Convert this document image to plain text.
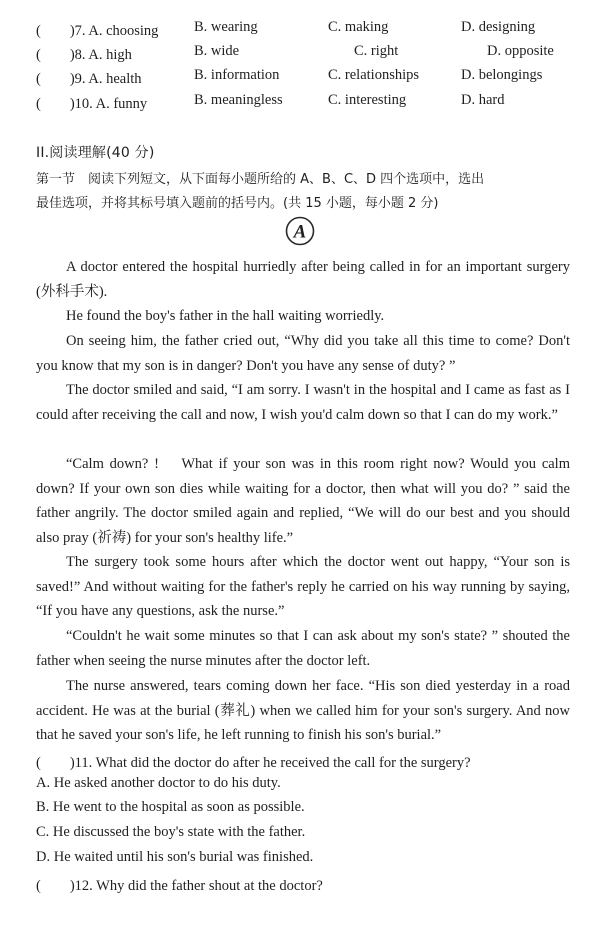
(　　)7. A. choosing B. wearing	C. making	D. designing
(　　)8. A. high	B. wide	C. right	D. opposite
(　　)9. A. health	B. information	C. relationships	D. belongings
(　　)10. A. funny	B. meaningless	C. interesting	D. hard
II.阅读理解(40 分)
第一节　阅读下列短文，从下面每小题所给的 A、B、C、D 四个选项中，选出
最佳选项，并将其标号填入题前的括号内。(共 15 小题，每小题 2 分)
A

A doctor entered the hospital hurriedly after being called in for an important surgery (外科手术).

He found the boy's father in the hall waiting worriedly.

On seeing him, the father cried out, “Why did you take all this time to come? Don't you know that my son is in danger? Don't you have any sense of duty? ”

The doctor smiled and said, “I am sorry. I wasn't in the hospital and I came as fast as I could after receiving the call and now, I wish you'd calm down so that I can do my work.”

“Calm down? ! 　What if your son was in this room right now? Would you calm down? If your own son dies while waiting for a doctor, then what will you do? ” said the father angrily. The doctor smiled again and replied, “We will do our best and you should also pray (祈祷) for your son's healthy life.”

The surgery took some hours after which the doctor went out happy, “Your son is saved!” And without waiting for the father's reply he carried on his way running by saying, “If you have any questions, ask the nurse.”

“Couldn't he wait some minutes so that I can ask about my son's state? ” shouted the father when seeing the nurse minutes after the doctor left.

The nurse answered, tears coming down her face. “His son died yesterday in a road accident. He was at the burial (葬礼) when we called him for your son's surgery. And now that he saved your son's life, he left running to finish his son's burial.”

(　　)11. What did the doctor do after he received the call for the surgery?
A. He asked another doctor to do his duty.
B. He went to the hospital as soon as possible.
C. He discussed the boy's state with the father.
D. He waited until his son's burial was finished.
(　　)12. Why did the father shout at the doctor?
